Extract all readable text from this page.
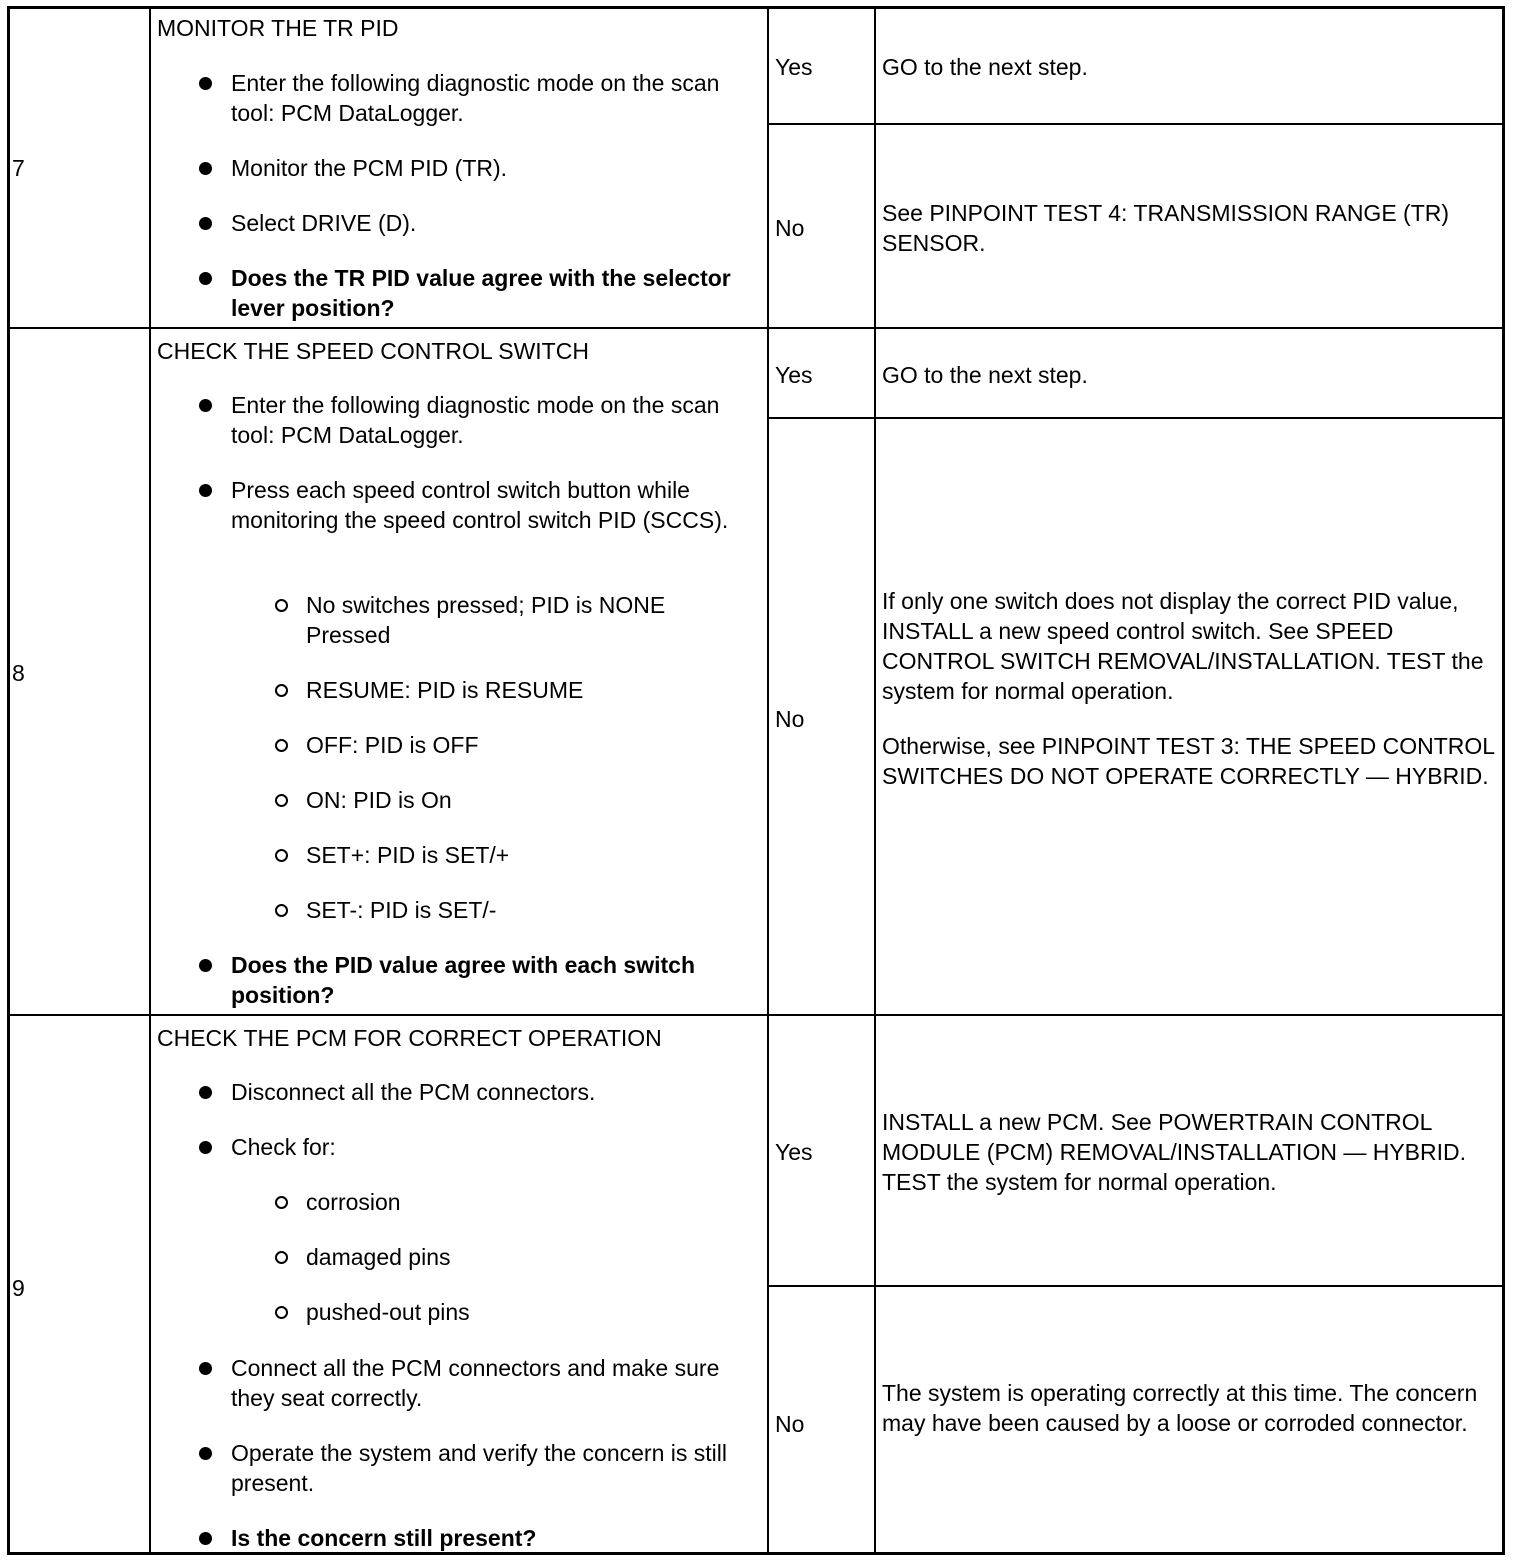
7
MONITOR THE TR PID
Enter the following diagnostic mode on the scan tool: PCM DataLogger.
Monitor the PCM PID (TR).
Select DRIVE (D).
Does the TR PID value agree with the selector lever position?
Yes	GO to the next step.

No

See PINPOINT TEST 4: TRANSMISSION RANGE (TR) SENSOR.

8
CHECK THE SPEED CONTROL SWITCH
Enter the following diagnostic mode on the scan tool: PCM DataLogger.
Press each speed control switch button while monitoring the speed control switch PID (SCCS).
No switches pressed; PID is NONE Pressed
RESUME: PID is RESUME
OFF: PID is OFF
ON: PID is On
SET+: PID is SET/+
SET-: PID is SET/-
Does the PID value agree with each switch position?
Yes	GO to the next step.

No

If only one switch does not display the correct PID value, INSTALL a new speed control switch. See SPEED CONTROL SWITCH REMOVAL/INSTALLATION. TEST the system for normal operation.

Otherwise, see PINPOINT TEST 3: THE SPEED CONTROL SWITCHES DO NOT OPERATE CORRECTLY — HYBRID.

9
CHECK THE PCM FOR CORRECT OPERATION
Disconnect all the PCM connectors.
Check for:
corrosion
damaged pins
pushed-out pins
Connect all the PCM connectors and make sure they seat correctly.
Operate the system and verify the concern is still present.
Is the concern still present?
Yes

INSTALL a new PCM. See POWERTRAIN CONTROL MODULE (PCM) REMOVAL/INSTALLATION — HYBRID. TEST the system for normal operation.

No

The system is operating correctly at this time. The concern may have been caused by a loose or corroded connector.
